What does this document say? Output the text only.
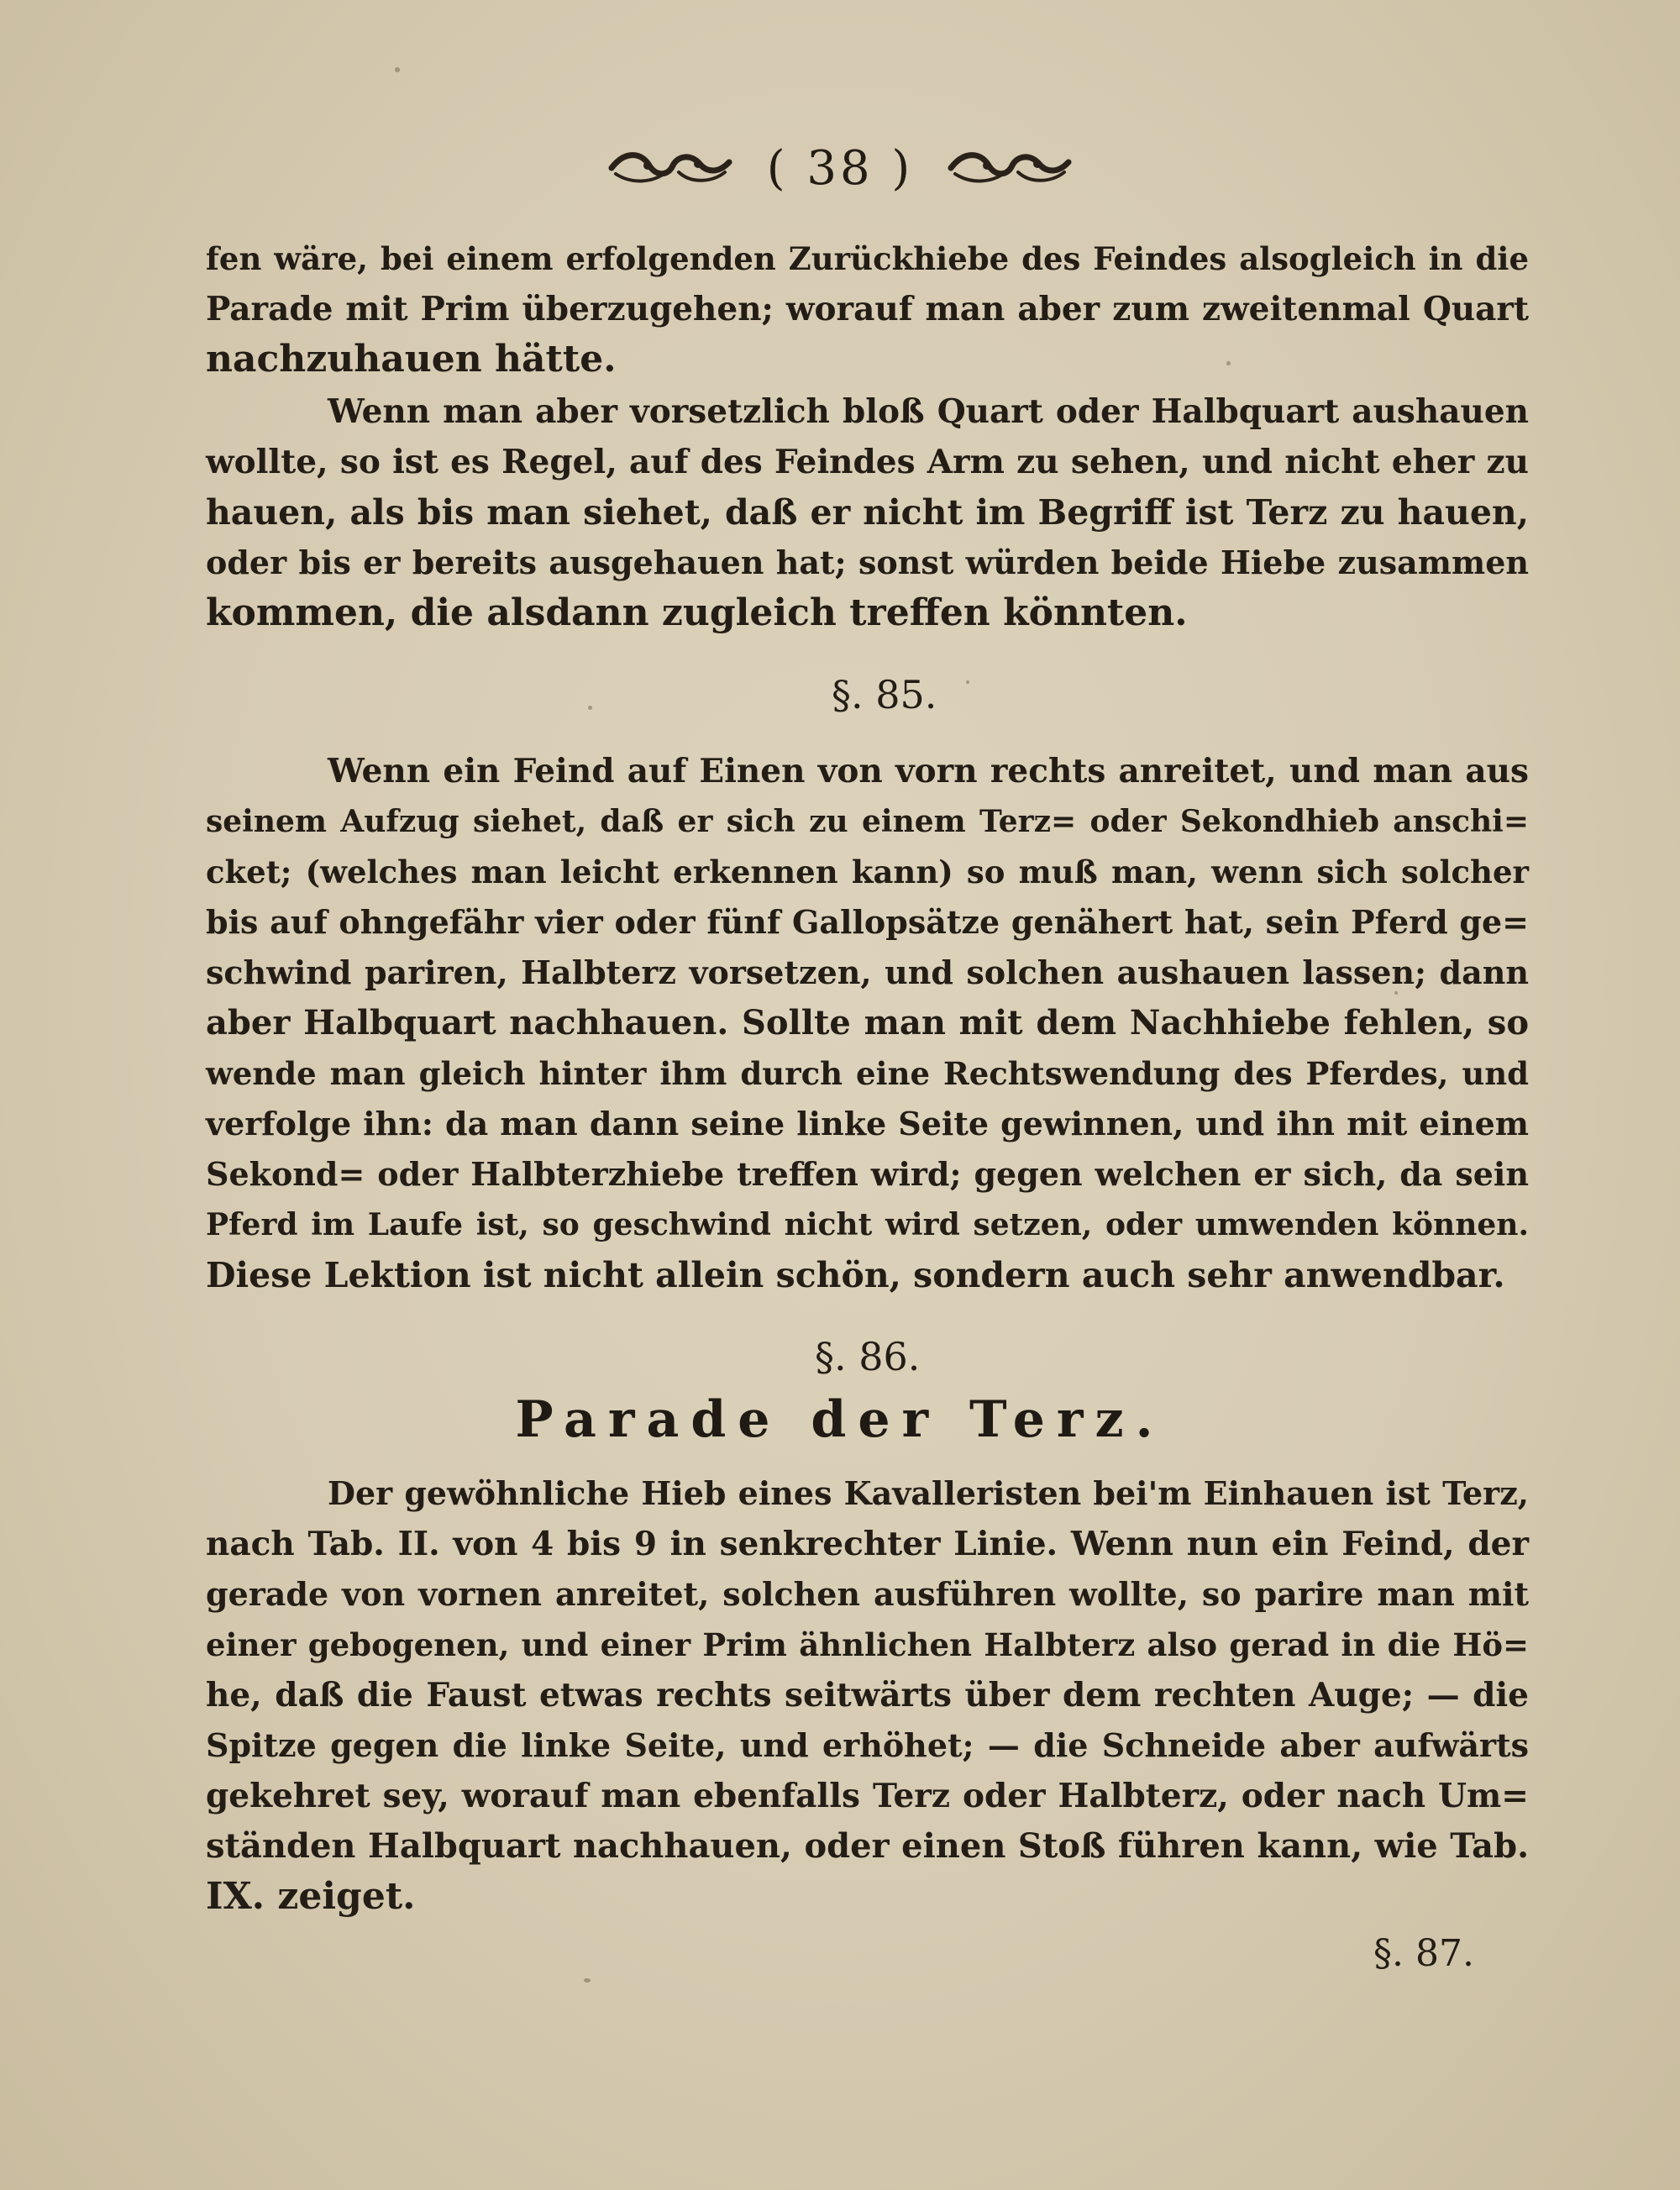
( 38 )
fen wäre, bei einem erfolgenden Zurückhiebe des Feindes alsogleich in die
Parade mit Prim überzugehen; worauf man aber zum zweitenmal Quart
nachzuhauen hätte.
Wenn man aber vorsetzlich bloß Quart oder Halbquart aushauen
wollte, so ist es Regel, auf des Feindes Arm zu sehen, und nicht eher zu
hauen, als bis man siehet, daß er nicht im Begriff ist Terz zu hauen,
oder bis er bereits ausgehauen hat; sonst würden beide Hiebe zusammen
kommen, die alsdann zugleich treffen könnten.
§. 85.
Wenn ein Feind auf Einen von vorn rechts anreitet, und man aus
seinem Aufzug siehet, daß er sich zu einem Terz= oder Sekondhieb anschi=
cket; (welches man leicht erkennen kann) so muß man, wenn sich solcher
bis auf ohngefähr vier oder fünf Gallopsätze genähert hat, sein Pferd ge=
schwind pariren, Halbterz vorsetzen, und solchen aushauen lassen; dann
aber Halbquart nachhauen. Sollte man mit dem Nachhiebe fehlen, so
wende man gleich hinter ihm durch eine Rechtswendung des Pferdes, und
verfolge ihn: da man dann seine linke Seite gewinnen, und ihn mit einem
Sekond= oder Halbterzhiebe treffen wird; gegen welchen er sich, da sein
Pferd im Laufe ist, so geschwind nicht wird setzen, oder umwenden können.
Diese Lektion ist nicht allein schön, sondern auch sehr anwendbar.
§. 86.
Parade der Terz.
Der gewöhnliche Hieb eines Kavalleristen bei'm Einhauen ist Terz,
nach Tab. II. von 4 bis 9 in senkrechter Linie. Wenn nun ein Feind, der
gerade von vornen anreitet, solchen ausführen wollte, so parire man mit
einer gebogenen, und einer Prim ähnlichen Halbterz also gerad in die Hö=
he, daß die Faust etwas rechts seitwärts über dem rechten Auge; — die
Spitze gegen die linke Seite, und erhöhet; — die Schneide aber aufwärts
gekehret sey, worauf man ebenfalls Terz oder Halbterz, oder nach Um=
ständen Halbquart nachhauen, oder einen Stoß führen kann, wie Tab.
IX. zeiget.
§. 87.
